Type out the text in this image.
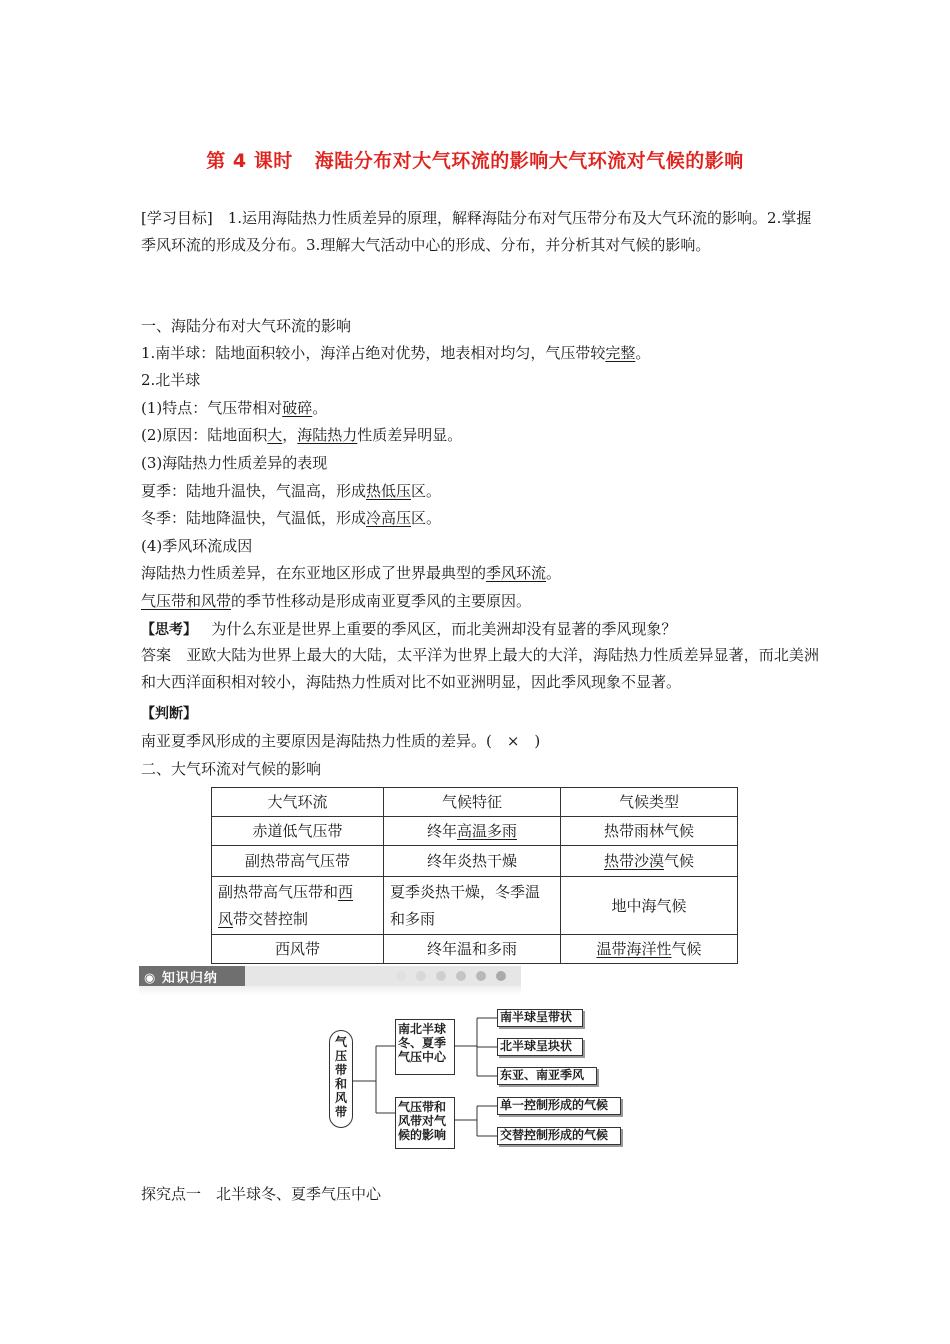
第 4 课时 海陆分布对大气环流的影响大气环流对气候的影响
[学习目标]　1.运用海陆热力性质差异的原理，解释海陆分布对气压带分布及大气环流的影响。2.掌握季风环流的形成及分布。3.理解大气活动中心的形成、分布，并分析其对气候的影响。
一、海陆分布对大气环流的影响
1.南半球：陆地面积较小，海洋占绝对优势，地表相对均匀，气压带较完整。
2.北半球
(1)特点：气压带相对破碎。
(2)原因：陆地面积大，海陆热力性质差异明显。
(3)海陆热力性质差异的表现
夏季：陆地升温快，气温高，形成热低压区。
冬季：陆地降温快，气温低，形成冷高压区。
(4)季风环流成因
海陆热力性质差异，在东亚地区形成了世界最典型的季风环流。
气压带和风带的季节性移动是形成南亚夏季风的主要原因。
【思考】 为什么东亚是世界上重要的季风区，而北美洲却没有显著的季风现象？
答案　亚欧大陆为世界上最大的大陆，太平洋为世界上最大的大洋，海陆热力性质差异显著，而北美洲和大西洋面积相对较小，海陆热力性质对比不如亚洲明显，因此季风现象不显著。
【判断】
南亚夏季风形成的主要原因是海陆热力性质的差异。(　×　)
二、大气环流对气候的影响
大气环流	气候特征	气候类型
赤道低气压带	终年高温多雨	热带雨林气候
副热带高气压带	终年炎热干燥	热带沙漠气候
副热带高气压带和西
风带交替控制	夏季炎热干燥，冬季温和多雨	地中海气候
西风带	终年温和多雨	温带海洋性气候
◉ 知识归纳
气压带和风带
南北半球冬、夏季气压中心
气压带和风带对气候的影响
南半球呈带状
北半球呈块状
东亚、南亚季风
单一控制形成的气候
交替控制形成的气候
探究点一　北半球冬、夏季气压中心
